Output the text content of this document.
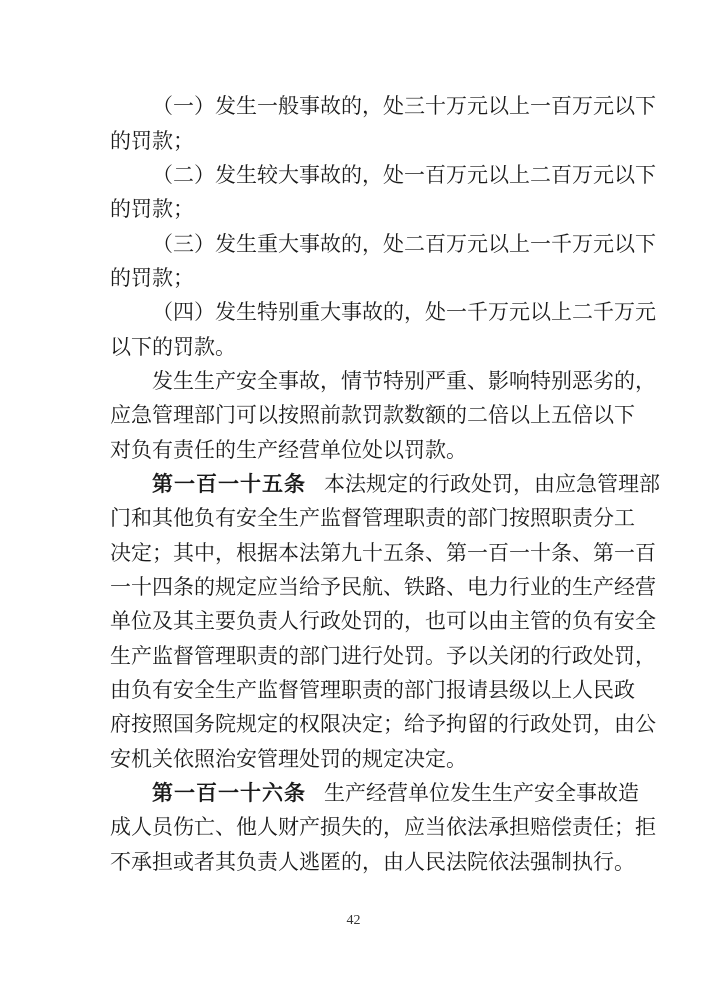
（一）发生一般事故的，处三十万元以上一百万元以下
的罚款；
（二）发生较大事故的，处一百万元以上二百万元以下
的罚款；
（三）发生重大事故的，处二百万元以上一千万元以下
的罚款；
（四）发生特别重大事故的，处一千万元以上二千万元
以下的罚款。
发生生产安全事故，情节特别严重、影响特别恶劣的，
应急管理部门可以按照前款罚款数额的二倍以上五倍以下
对负有责任的生产经营单位处以罚款。
第一百一十五条 本法规定的行政处罚，由应急管理部
门和其他负有安全生产监督管理职责的部门按照职责分工
决定；其中，根据本法第九十五条、第一百一十条、第一百
一十四条的规定应当给予民航、铁路、电力行业的生产经营
单位及其主要负责人行政处罚的，也可以由主管的负有安全
生产监督管理职责的部门进行处罚。予以关闭的行政处罚，
由负有安全生产监督管理职责的部门报请县级以上人民政
府按照国务院规定的权限决定；给予拘留的行政处罚，由公
安机关依照治安管理处罚的规定决定。
第一百一十六条 生产经营单位发生生产安全事故造
成人员伤亡、他人财产损失的，应当依法承担赔偿责任；拒
不承担或者其负责人逃匿的，由人民法院依法强制执行。
42
